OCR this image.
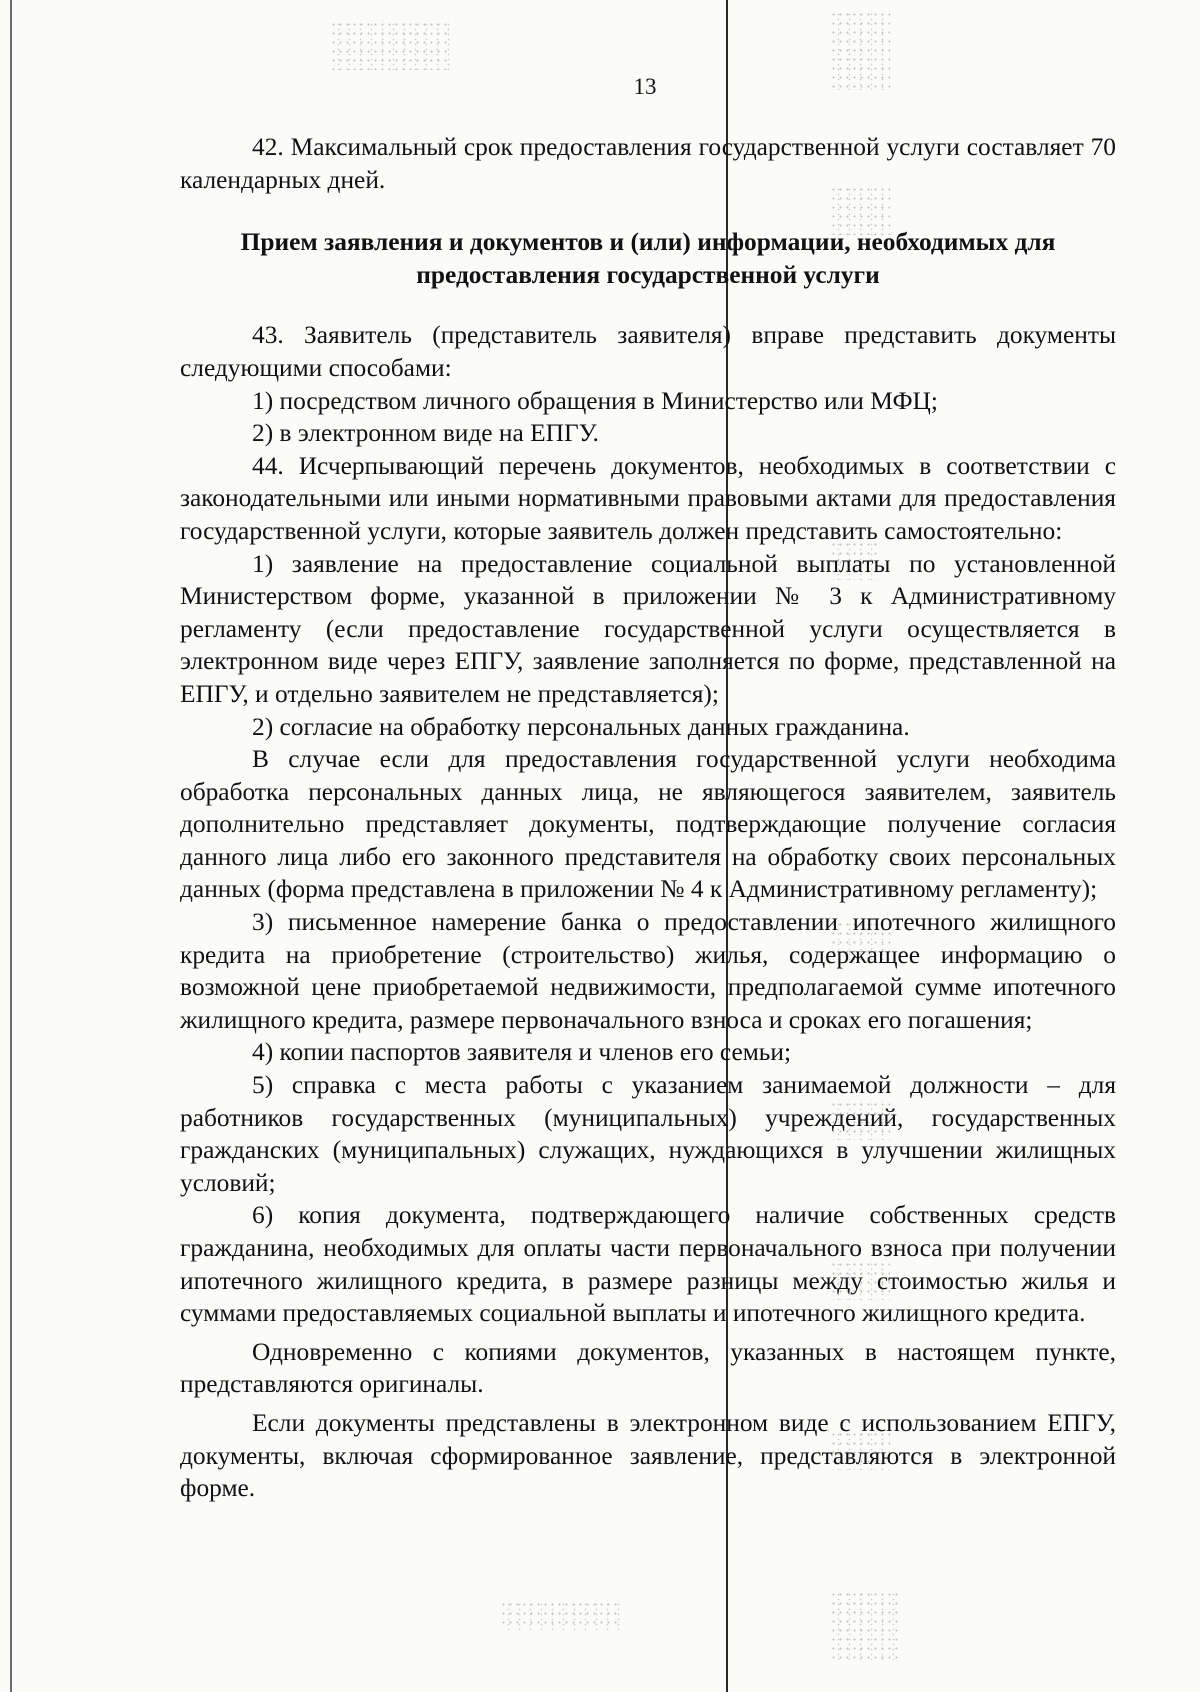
13

42. Максимальный срок предоставления государственной услуги составляет 70 календарных дней.

Прием заявления и документов и (или) информации, необходимых для предоставления государственной услуги

43. Заявитель (представитель заявителя) вправе представить документы следующими способами:

1) посредством личного обращения в Министерство или МФЦ;

2) в электронном виде на ЕПГУ.

44. Исчерпывающий перечень документов, необходимых в соответствии с законодательными или иными нормативными правовыми актами для предоставления государственной услуги, которые заявитель должен представить самостоятельно:

1) заявление на предоставление социальной выплаты по установленной Министерством форме, указанной в приложении № 3 к Административному регламенту (если предоставление государственной услуги осуществляется в электронном виде через ЕПГУ, заявление заполняется по форме, представленной на ЕПГУ, и отдельно заявителем не представляется);

2) согласие на обработку персональных данных гражданина.

В случае если для предоставления государственной услуги необходима обработка персональных данных лица, не являющегося заявителем, заявитель дополнительно представляет документы, подтверждающие получение согласия данного лица либо его законного представителя на обработку своих персональных данных (форма представлена в приложении № 4 к Административному регламенту);

3) письменное намерение банка о предоставлении ипотечного жилищного кредита на приобретение (строительство) жилья, содержащее информацию о возможной цене приобретаемой недвижимости, предполагаемой сумме ипотечного жилищного кредита, размере первоначального взноса и сроках его погашения;

4) копии паспортов заявителя и членов его семьи;

5) справка с места работы с указанием занимаемой должности – для работников государственных (муниципальных) учреждений, государственных гражданских (муниципальных) служащих, нуждающихся в улучшении жилищных условий;

6) копия документа, подтверждающего наличие собственных средств гражданина, необходимых для оплаты части первоначального взноса при получении ипотечного жилищного кредита, в размере разницы между стоимостью жилья и суммами предоставляемых социальной выплаты и ипотечного жилищного кредита.

Одновременно с копиями документов, указанных в настоящем пункте, представляются оригиналы.

Если документы представлены в электронном виде с использованием ЕПГУ, документы, включая сформированное заявление, представляются в электронной форме.
